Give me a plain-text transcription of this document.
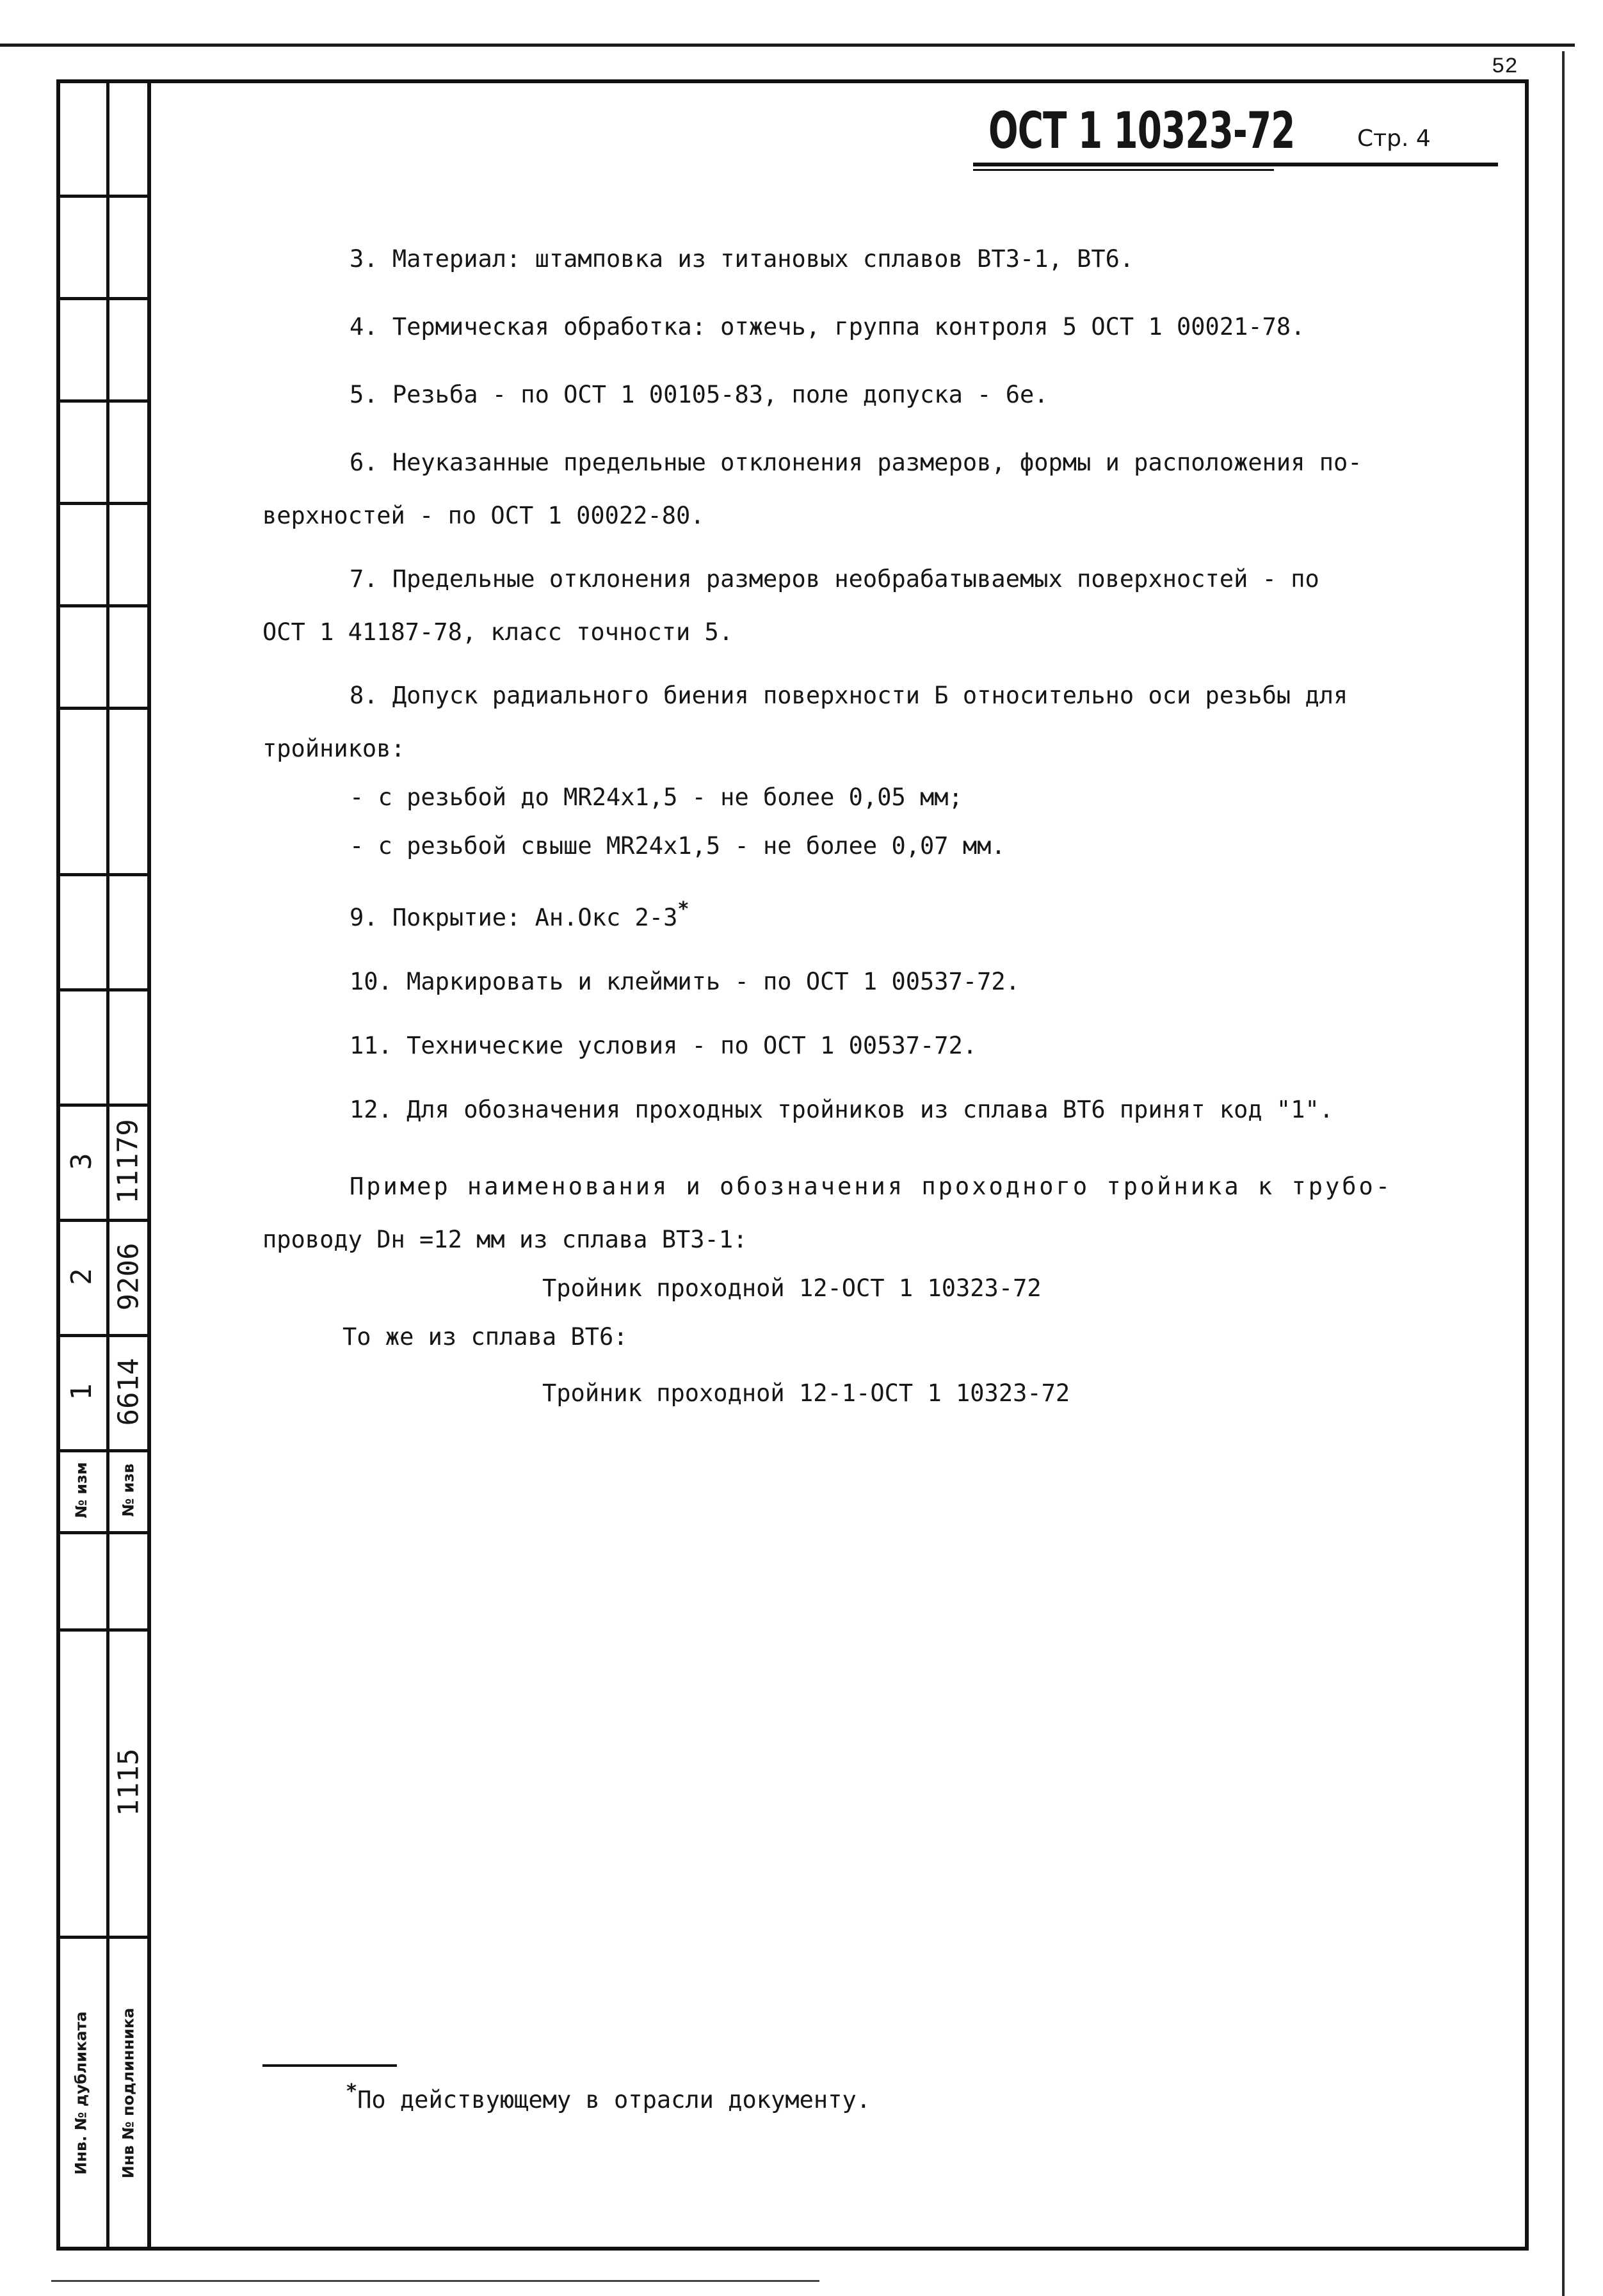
52
3 11179
2 9206
1 6614
№ изм № изв
1115
Инв. № дубликата Инв № подлинника
ОСТ 1 10323-72	Стр. 4

3. Материал: штамповка из титановых сплавов ВТ3-1, ВТ6.

4. Термическая обработка: отжечь, группа контроля 5 ОСТ 1 00021-78.

5. Резьба - по ОСТ 1 00105-83, поле допуска - 6е.

6. Неуказанные предельные отклонения размеров, формы и расположения по-

верхностей - по ОСТ 1 00022-80.

7. Предельные отклонения размеров необрабатываемых поверхностей - по

ОСТ 1 41187-78, класс точности 5.

8. Допуск радиального биения поверхности Б относительно оси резьбы для

тройников:

- с резьбой до MR24x1,5 - не более 0,05 мм;

- с резьбой свыше MR24x1,5 - не более 0,07 мм.

9. Покрытие: Ан.Окс 2-3*

10. Маркировать и клеймить - по ОСТ 1 00537-72.

11. Технические условия - по ОСТ 1 00537-72.

12. Для обозначения проходных тройников из сплава ВТ6 принят код "1".

Пример наименования и обозначения проходного тройника к трубо-

проводу Dн =12 мм из сплава ВТ3-1:

Тройник проходной 12-ОСТ 1 10323-72

То же из сплава ВТ6:

Тройник проходной 12-1-ОСТ 1 10323-72

*По действующему в отрасли документу.
